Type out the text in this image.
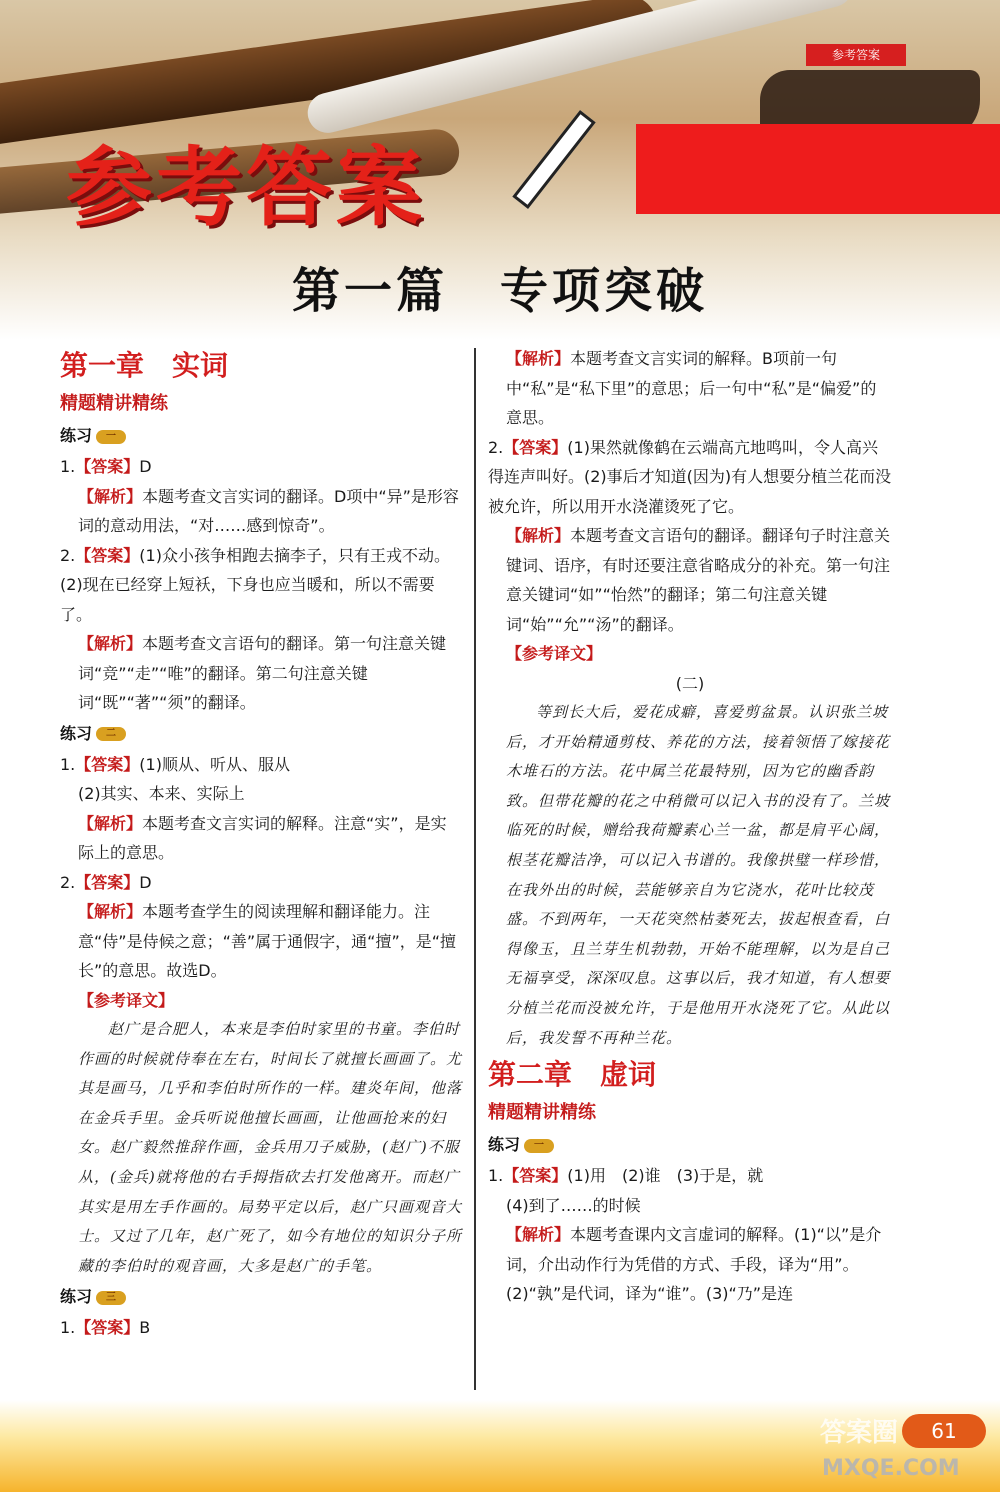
参考答案
参考答案
第一篇　专项突破
第一章　实词
精题精讲精练
练习 一

1.【答案】D

【解析】本题考查文言实词的翻译。D项中“异”是形容词的意动用法，“对……感到惊奇”。

2.【答案】(1)众小孩争相跑去摘李子，只有王戎不动。(2)现在已经穿上短袄，下身也应当暖和，所以不需要了。

【解析】本题考查文言语句的翻译。第一句注意关键词“竞”“走”“唯”的翻译。第二句注意关键词“既”“著”“须”的翻译。

练习 二

1.【答案】(1)顺从、听从、服从

(2)其实、本来、实际上

【解析】本题考查文言实词的解释。注意“实”，是实际上的意思。

2.【答案】D

【解析】本题考查学生的阅读理解和翻译能力。注意“侍”是侍候之意；“善”属于通假字，通“擅”，是“擅长”的意思。故选D。

【参考译文】

赵广是合肥人，本来是李伯时家里的书童。李伯时作画的时候就侍奉在左右，时间长了就擅长画画了。尤其是画马，几乎和李伯时所作的一样。建炎年间，他落在金兵手里。金兵听说他擅长画画，让他画抢来的妇女。赵广毅然推辞作画，金兵用刀子威胁，(赵广)不服从，(金兵)就将他的右手拇指砍去打发他离开。而赵广其实是用左手作画的。局势平定以后，赵广只画观音大士。又过了几年，赵广死了，如今有地位的知识分子所藏的李伯时的观音画，大多是赵广的手笔。

练习 三

1.【答案】B

【解析】本题考查文言实词的解释。B项前一句中“私”是“私下里”的意思；后一句中“私”是“偏爱”的意思。

2.【答案】(1)果然就像鹤在云端高亢地鸣叫，令人高兴得连声叫好。(2)事后才知道(因为)有人想要分植兰花而没被允许，所以用开水浇灌烫死了它。

【解析】本题考查文言语句的翻译。翻译句子时注意关键词、语序，有时还要注意省略成分的补充。第一句注意关键词“如”“怡然”的翻译；第二句注意关键词“始”“允”“汤”的翻译。

【参考译文】

(二)

等到长大后，爱花成癖，喜爱剪盆景。认识张兰坡后，才开始精通剪枝、养花的方法，接着领悟了嫁接花木堆石的方法。花中属兰花最特别，因为它的幽香韵致。但带花瓣的花之中稍微可以记入书的没有了。兰坡临死的时候，赠给我荷瓣素心兰一盆，都是肩平心阔，根茎花瓣洁净，可以记入书谱的。我像拱璧一样珍惜，在我外出的时候，芸能够亲自为它浇水，花叶比较茂盛。不到两年，一天花突然枯萎死去，拔起根查看，白得像玉，且兰芽生机勃勃，开始不能理解，以为是自己无福享受，深深叹息。这事以后，我才知道，有人想要分植兰花而没被允许，于是他用开水浇死了它。从此以后，我发誓不再种兰花。

第二章　虚词
精题精讲精练
练习 一

1.【答案】(1)用　(2)谁　(3)于是，就

(4)到了……的时候

【解析】本题考查课内文言虚词的解释。(1)“以”是介词，介出动作行为凭借的方式、手段，译为“用”。(2)“孰”是代词，译为“谁”。(3)“乃”是连

答案圈
MXQE.COM
61
